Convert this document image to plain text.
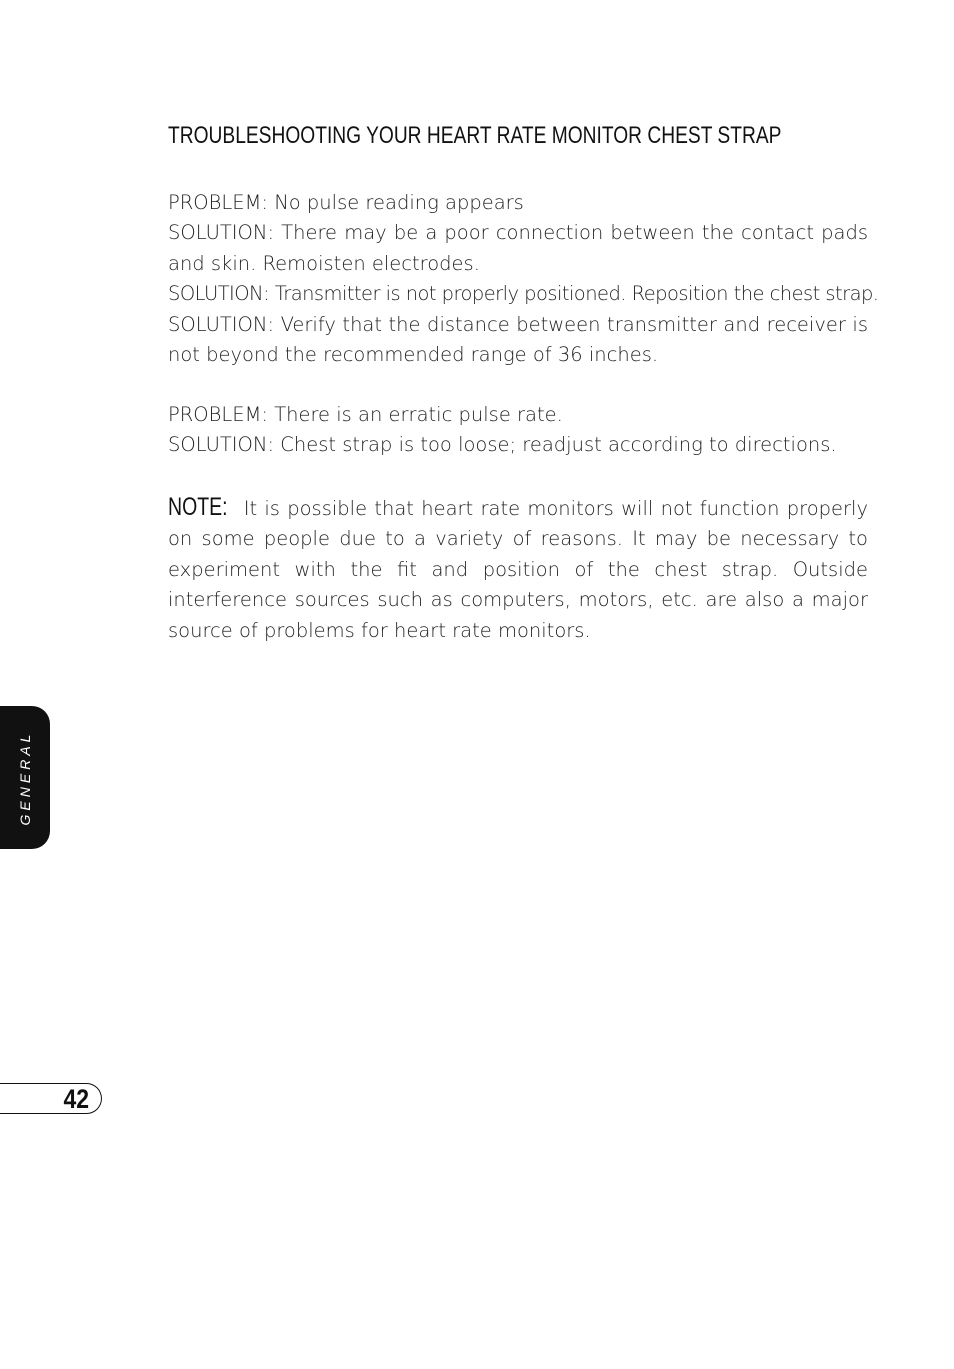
TROUBLESHOOTING YOUR HEART RATE MONITOR CHEST STRAP

PROBLEM: No pulse reading appears

SOLUTION: There may be a poor connection between the contact pads and skin. Remoisten electrodes.

SOLUTION: Transmitter is not properly positioned. Reposition the chest strap.

SOLUTION: Verify that the distance between transmitter and receiver is not beyond the recommended range of 36 inches.

PROBLEM: There is an erratic pulse rate.

SOLUTION: Chest strap is too loose; readjust according to directions.

NOTE: It is possible that heart rate monitors will not function properly on some people due to a variety of reasons. It may be necessary to experiment with the fit and position of the chest strap. Outside interference sources such as computers, motors, etc. are also a major source of problems for heart rate monitors.

GENERAL
42
